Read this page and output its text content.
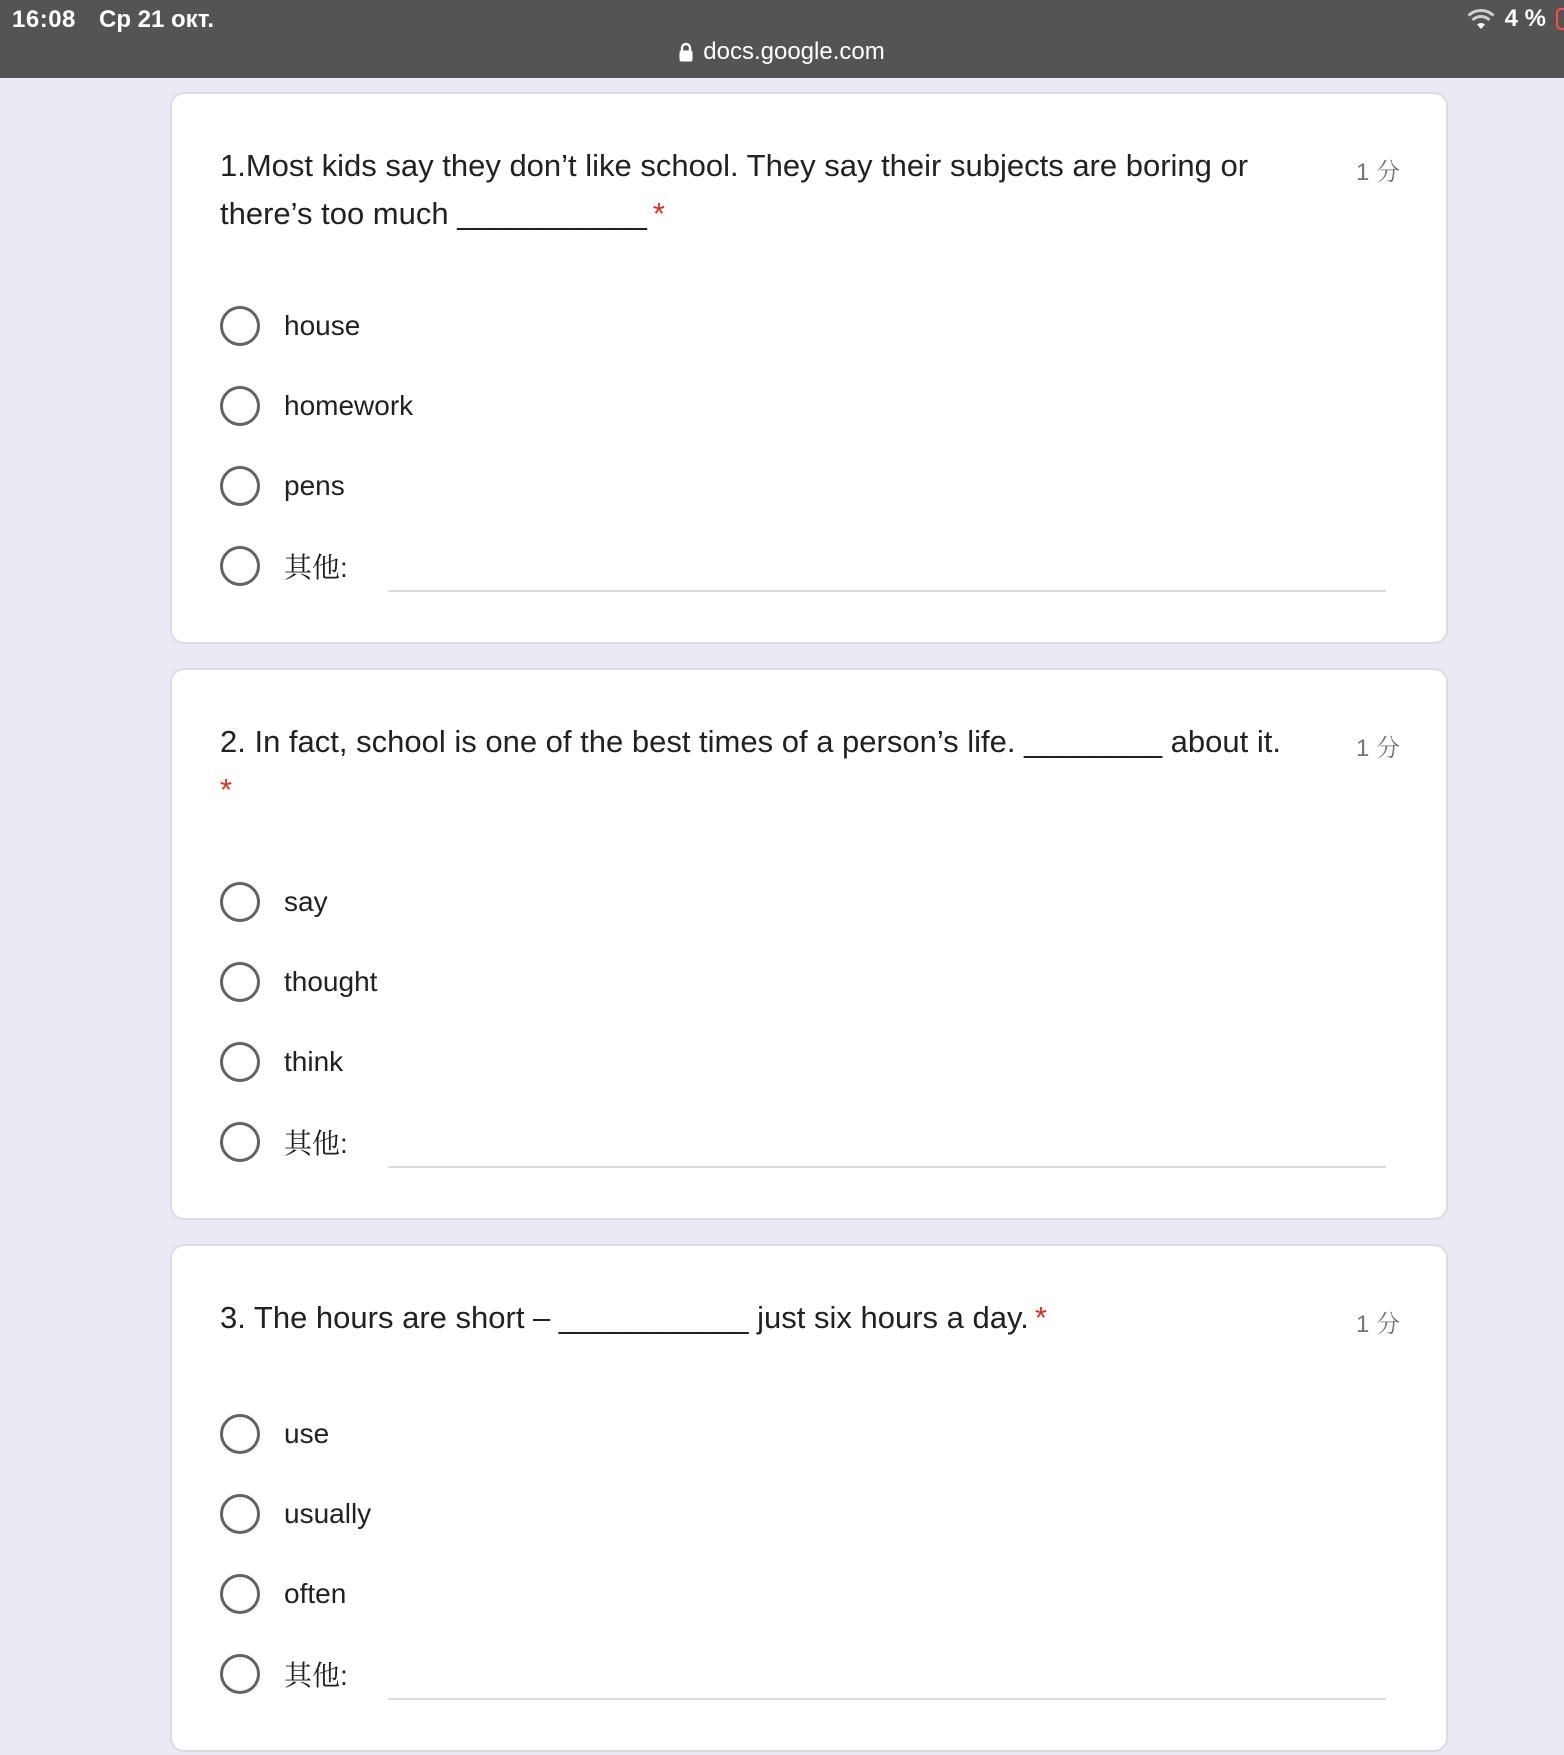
16:08 Ср 21 окт.	4 %
docs.google.com
1.Most kids say they don’t like school. They say their subjects are boring or there’s too much ___________ *
1 分
house
homework
pens
其他:
2. In fact, school is one of the best times of a person’s life. ________ about it.
*
1 分
say
thought
think
其他:
3. The hours are short – ___________ just six hours a day. *	1 分
use
usually
often
其他:
